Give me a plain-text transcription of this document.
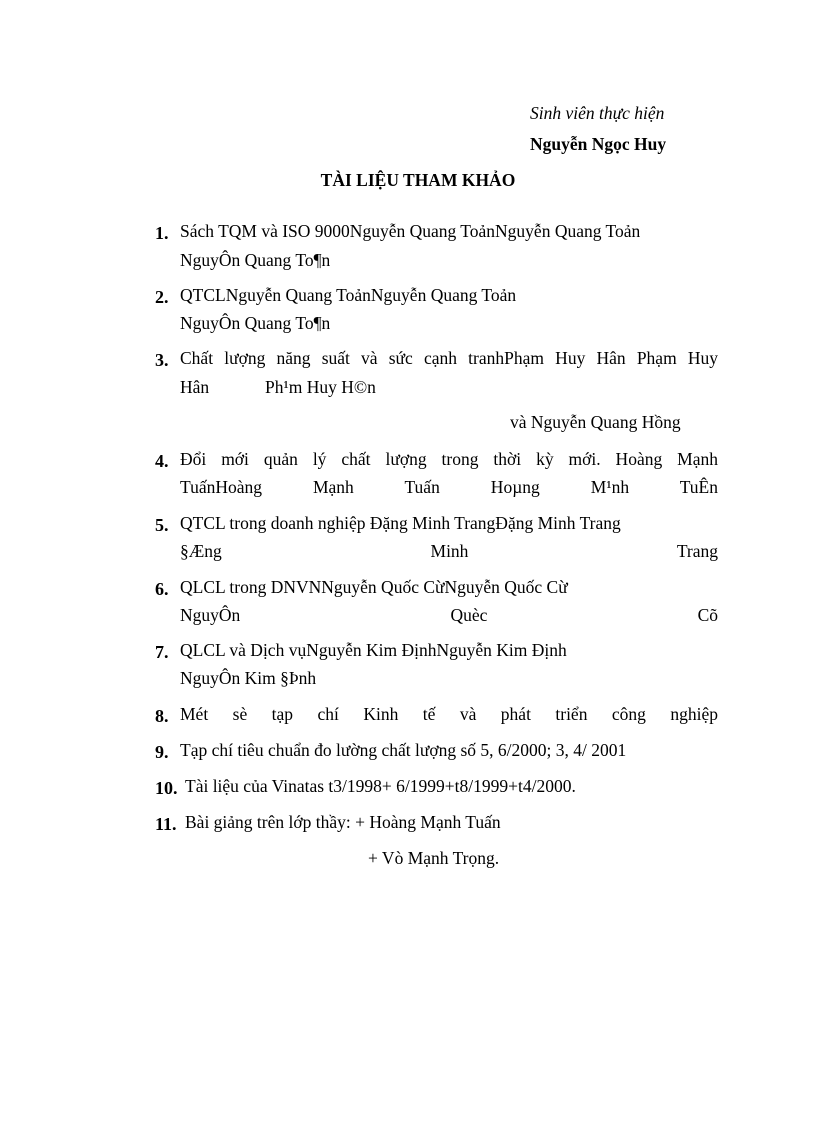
Sinh viên thực hiện
Nguyễn Ngọc Huy
TÀI LIỆU THAM KHẢO
1. Sách TQM và ISO 9000Nguyễn Quang ToảnNguyễn Quang Toản
NguyÔn Quang To¶n
2. QTCLNguyễn Quang ToảnNguyễn Quang Toản
NguyÔn Quang To¶n
3. Chất lượng năng suất và sức cạnh tranhPhạm Huy Hân Phạm Huy
Hân	Ph¹m Huy H©n
và Nguyễn Quang Hồng
4. Đổi mới quản lý chất lượng trong thời kỳ mới. Hoàng Mạnh
TuấnHoàng Mạnh Tuấn Hoµng M¹nh TuÊn
5. QTCL trong doanh nghiệp Đặng Minh TrangĐặng Minh Trang
§Æng Minh Trang
6. QLCL trong DNVNNguyễn Quốc CừNguyễn Quốc Cừ
NguyÔn Quèc Cõ
7. QLCL và Dịch vụNguyễn Kim ĐịnhNguyễn Kim Định
NguyÔn Kim §Þnh
8. Mét sè tạp chí Kinh tế và phát triển công nghiệp
9. Tạp chí tiêu chuẩn đo lường chất lượng số 5, 6/2000; 3, 4/ 2001
10. Tài liệu của Vinatas t3/1998+ 6/1999+t8/1999+t4/2000.
11. Bài giảng trên lớp thầy: + Hoàng Mạnh Tuấn
+ Vò Mạnh Trọng.
